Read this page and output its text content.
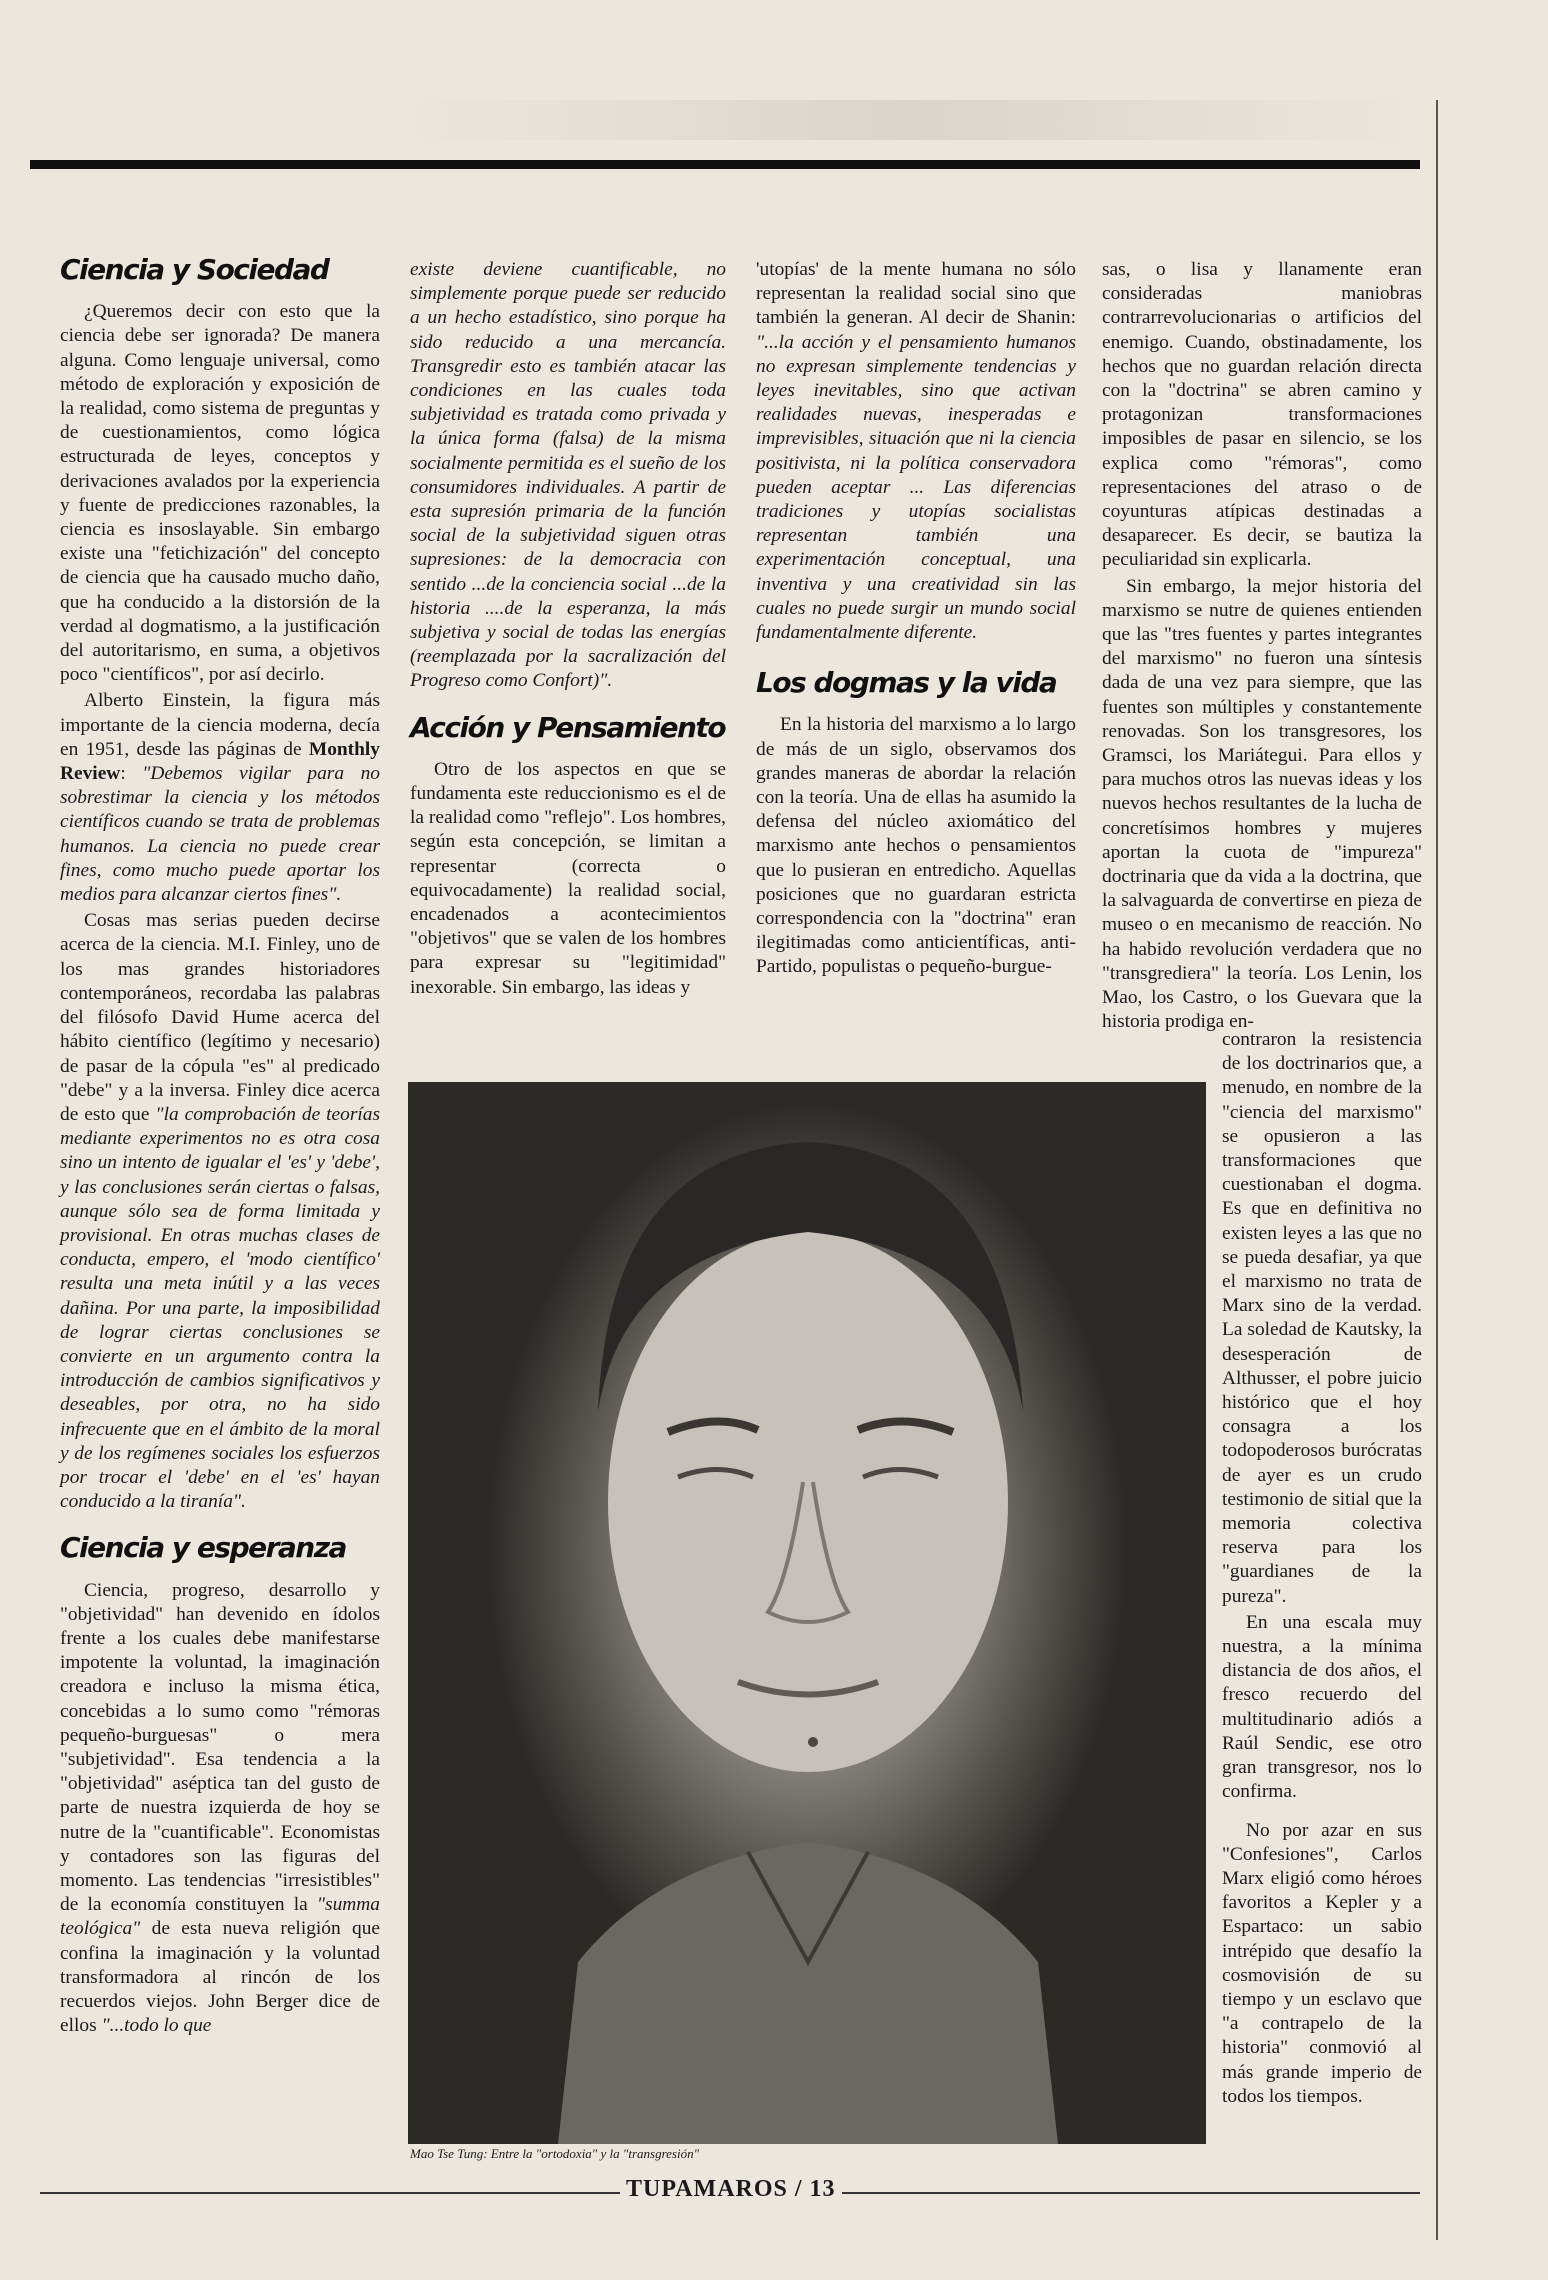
Ciencia y Sociedad

¿Queremos decir con esto que la ciencia debe ser ignorada? De manera alguna. Como lenguaje universal, como método de exploración y exposición de la realidad, como sistema de preguntas y de cuestionamientos, como lógica estructurada de leyes, conceptos y derivaciones avalados por la experiencia y fuente de predicciones razonables, la ciencia es insoslayable. Sin embargo existe una "fetichización" del concepto de ciencia que ha causado mucho daño, que ha conducido a la distorsión de la verdad al dogmatismo, a la justificación del autoritarismo, en suma, a objetivos poco "científicos", por así decirlo.

Alberto Einstein, la figura más importante de la ciencia moderna, decía en 1951, desde las páginas de Monthly Review: "Debemos vigilar para no sobrestimar la ciencia y los métodos científicos cuando se trata de problemas humanos. La ciencia no puede crear fines, como mucho puede aportar los medios para alcanzar ciertos fines".

Cosas mas serias pueden decirse acerca de la ciencia. M.I. Finley, uno de los mas grandes historiadores contemporáneos, recordaba las palabras del filósofo David Hume acerca del hábito científico (legítimo y necesario) de pasar de la cópula "es" al predicado "debe" y a la inversa. Finley dice acerca de esto que "la comprobación de teorías mediante experimentos no es otra cosa sino un intento de igualar el 'es' y 'debe', y las conclusiones serán ciertas o falsas, aunque sólo sea de forma limitada y provisional. En otras muchas clases de conducta, empero, el 'modo científico' resulta una meta inútil y a las veces dañina. Por una parte, la imposibilidad de lograr ciertas conclusiones se convierte en un argumento contra la introducción de cambios significativos y deseables, por otra, no ha sido infrecuente que en el ámbito de la moral y de los regímenes sociales los esfuerzos por trocar el 'debe' en el 'es' hayan conducido a la tiranía".

Ciencia y esperanza

Ciencia, progreso, desarrollo y "objetividad" han devenido en ídolos frente a los cuales debe manifestarse impotente la voluntad, la imaginación creadora e incluso la misma ética, concebidas a lo sumo como "rémoras pequeño-burguesas" o mera "subjetividad". Esa tendencia a la "objetividad" aséptica tan del gusto de parte de nuestra izquierda de hoy se nutre de la "cuantificable". Economistas y contadores son las figuras del momento. Las tendencias "irresistibles" de la economía constituyen la "summa teológica" de esta nueva religión que confina la imaginación y la voluntad transformadora al rincón de los recuerdos viejos. John Berger dice de ellos "...todo lo que

existe deviene cuantificable, no simplemente porque puede ser reducido a un hecho estadístico, sino porque ha sido reducido a una mercancía. Transgredir esto es también atacar las condiciones en las cuales toda subjetividad es tratada como privada y la única forma (falsa) de la misma socialmente permitida es el sueño de los consumidores individuales. A partir de esta supresión primaria de la función social de la subjetividad siguen otras supresiones: de la democracia con sentido ...de la conciencia social ...de la historia ....de la esperanza, la más subjetiva y social de todas las energías (reemplazada por la sacralización del Progreso como Confort)".

Acción y Pensamiento

Otro de los aspectos en que se fundamenta este reduccionismo es el de la realidad como "reflejo". Los hombres, según esta concepción, se limitan a representar (correcta o equivocadamente) la realidad social, encadenados a acontecimientos "objetivos" que se valen de los hombres para expresar su "legitimidad" inexorable. Sin embargo, las ideas y

'utopías' de la mente humana no sólo representan la realidad social sino que también la generan. Al decir de Shanin: "...la acción y el pensamiento humanos no expresan simplemente tendencias y leyes inevitables, sino que activan realidades nuevas, inesperadas e imprevisibles, situación que ni la ciencia positivista, ni la política conservadora pueden aceptar ... Las diferencias tradiciones y utopías socialistas representan también una experimentación conceptual, una inventiva y una creatividad sin las cuales no puede surgir un mundo social fundamentalmente diferente.

Los dogmas y la vida

En la historia del marxismo a lo largo de más de un siglo, observamos dos grandes maneras de abordar la relación con la teoría. Una de ellas ha asumido la defensa del núcleo axiomático del marxismo ante hechos o pensamientos que lo pusieran en entredicho. Aquellas posiciones que no guardaran estricta correspondencia con la "doctrina" eran ilegitimadas como anticientíficas, anti-Partido, populistas o pequeño-burgue-

sas, o lisa y llanamente eran consideradas maniobras contrarrevolucionarias o artificios del enemigo. Cuando, obstinadamente, los hechos que no guardan relación directa con la "doctrina" se abren camino y protagonizan transformaciones imposibles de pasar en silencio, se los explica como "rémoras", como representaciones del atraso o de coyunturas atípicas destinadas a desaparecer. Es decir, se bautiza la peculiaridad sin explicarla.

Sin embargo, la mejor historia del marxismo se nutre de quienes entienden que las "tres fuentes y partes integrantes del marxismo" no fueron una síntesis dada de una vez para siempre, que las fuentes son múltiples y constantemente renovadas. Son los transgresores, los Gramsci, los Mariátegui. Para ellos y para muchos otros las nuevas ideas y los nuevos hechos resultantes de la lucha de concretísimos hombres y mujeres aportan la cuota de "impureza" doctrinaria que da vida a la doctrina, que la salvaguarda de convertirse en pieza de museo o en mecanismo de reacción. No ha habido revolución verdadera que no "transgrediera" la teoría. Los Lenin, los Mao, los Castro, o los Guevara que la historia prodiga en-

contraron la resistencia de los doctrinarios que, a menudo, en nombre de la "ciencia del marxismo" se opusieron a las transformaciones que cuestionaban el dogma. Es que en definitiva no existen leyes a las que no se pueda desafiar, ya que el marxismo no trata de Marx sino de la verdad. La soledad de Kautsky, la desesperación de Althusser, el pobre juicio histórico que el hoy consagra a los todopoderosos burócratas de ayer es un crudo testimonio de sitial que la memoria colectiva reserva para los "guardianes de la pureza".

En una escala muy nuestra, a la mínima distancia de dos años, el fresco recuerdo del multitudinario adiós a Raúl Sendic, ese otro gran transgresor, nos lo confirma.

No por azar en sus "Confesiones", Carlos Marx eligió como héroes favoritos a Kepler y a Espartaco: un sabio intrépido que desafío la cosmovisión de su tiempo y un esclavo que "a contrapelo de la historia" conmovió al más grande imperio de todos los tiempos.

Mao Tse Tung: Entre la "ortodoxia" y la "transgresión"
TUPAMAROS / 13
